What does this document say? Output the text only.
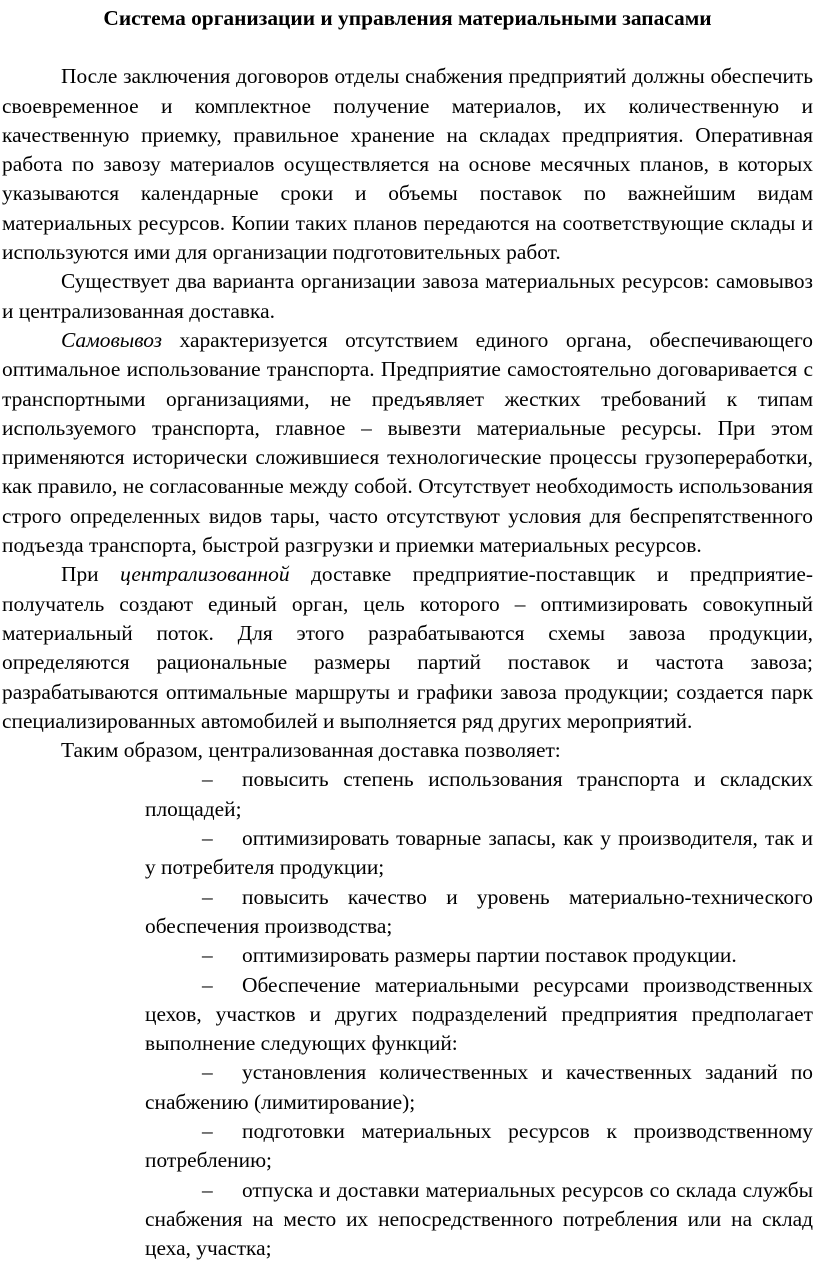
Система организации и управления материальными запасами

После заключения договоров отделы снабжения предприятий должны обеспечить своевременное и комплектное получение материалов, их количественную и качественную приемку, правильное хранение на складах предприятия. Оперативная работа по завозу материалов осуществляется на основе месячных планов, в которых указываются календарные сроки и объемы поставок по важнейшим видам материальных ресурсов. Копии таких планов передаются на соответствующие склады и используются ими для организации подготовительных работ.

Существует два варианта организации завоза материальных ресурсов: самовывоз и централизованная доставка.

Самовывоз характеризуется отсутствием единого органа, обеспечивающего оптимальное использование транспорта. Предприятие самостоятельно договаривается с транспортными организациями, не предъявляет жестких требований к типам используемого транспорта, главное – вывезти материальные ресурсы. При этом применяются исторически сложившиеся технологические процессы грузопереработки, как правило, не согласованные между собой. Отсутствует необходимость использования строго определенных видов тары, часто отсутствуют условия для беспрепятственного подъезда транспорта, быстрой разгрузки и приемки материальных ресурсов.

При централизованной доставке предприятие-поставщик и предприятие-получатель создают единый орган, цель которого – оптимизировать совокупный материальный поток. Для этого разрабатываются схемы завоза продукции, определяются рациональные размеры партий поставок и частота завоза; разрабатываются оптимальные маршруты и графики завоза продукции; создается парк специализированных автомобилей и выполняется ряд других мероприятий.

Таким образом, централизованная доставка позволяет:

– повысить степень использования транспорта и складских площадей;
– оптимизировать товарные запасы, как у производителя, так и у потребителя продукции;
– повысить качество и уровень материально-технического обеспечения производства;
– оптимизировать размеры партии поставок продукции.
– Обеспечение материальными ресурсами производственных цехов, участков и других подразделений предприятия предполагает выполнение следующих функций:
– установления количественных и качественных заданий по снабжению (лимитирование);
– подготовки материальных ресурсов к производственному потреблению;
– отпуска и доставки материальных ресурсов со склада службы снабжения на место их непосредственного потребления или на склад цеха, участка;
